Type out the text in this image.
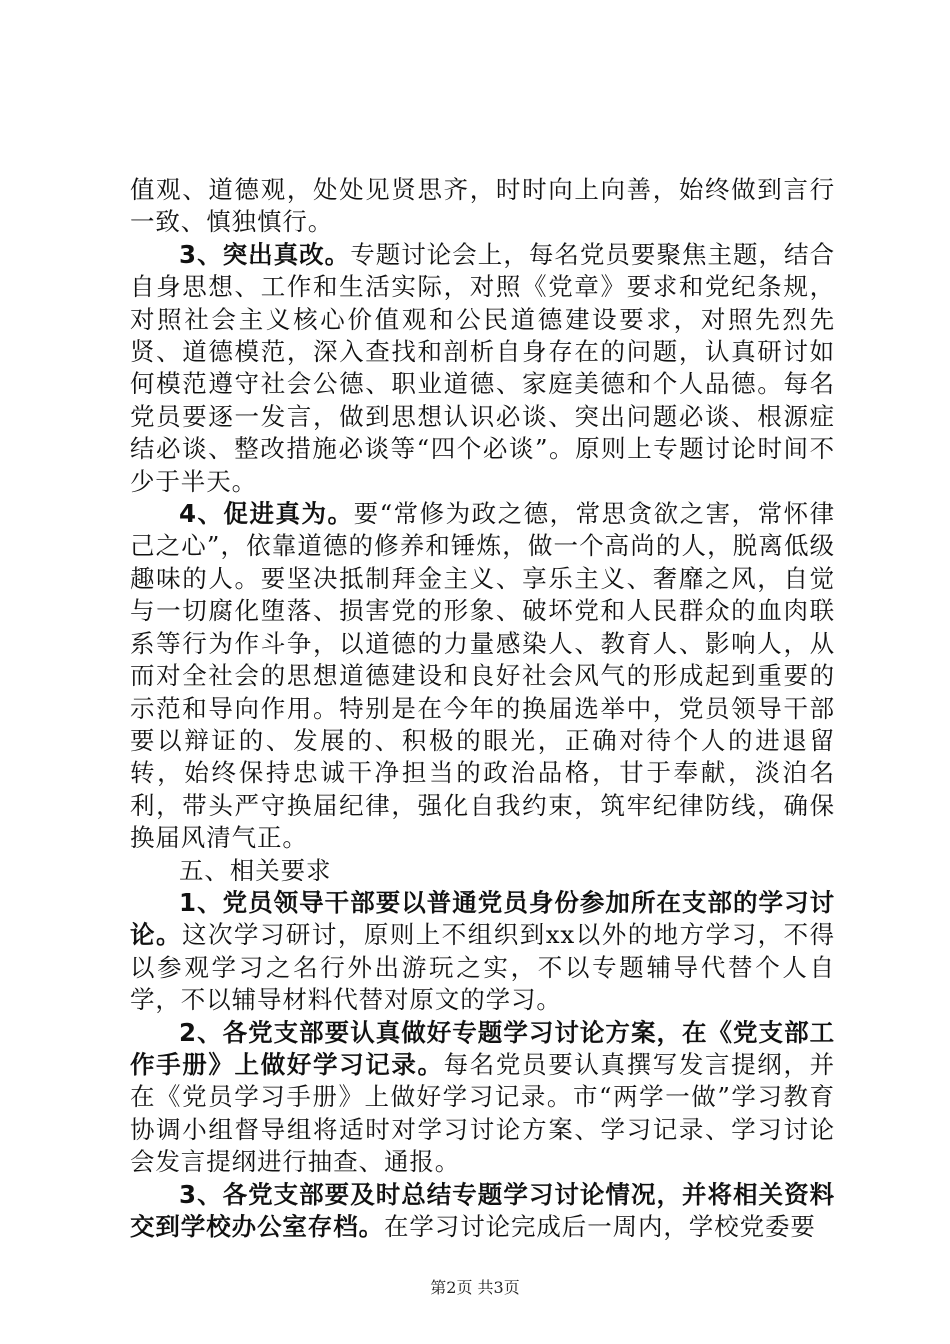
值观、道德观，处处见贤思齐，时时向上向善，始终做到言行一致、慎独慎行。

3、突出真改。专题讨论会上，每名党员要聚焦主题，结合自身思想、工作和生活实际，对照《党章》要求和党纪条规，对照社会主义核心价值观和公民道德建设要求，对照先烈先贤、道德模范，深入查找和剖析自身存在的问题，认真研讨如何模范遵守社会公德、职业道德、家庭美德和个人品德。每名党员要逐一发言，做到思想认识必谈、突出问题必谈、根源症结必谈、整改措施必谈等“四个必谈”。原则上专题讨论时间不少于半天。

4、促进真为。要“常修为政之德，常思贪欲之害，常怀律己之心”，依靠道德的修养和锤炼，做一个高尚的人，脱离低级趣味的人。要坚决抵制拜金主义、享乐主义、奢靡之风，自觉与一切腐化堕落、损害党的形象、破坏党和人民群众的血肉联系等行为作斗争，以道德的力量感染人、教育人、影响人，从而对全社会的思想道德建设和良好社会风气的形成起到重要的示范和导向作用。特别是在今年的换届选举中，党员领导干部要以辩证的、发展的、积极的眼光，正确对待个人的进退留转，始终保持忠诚干净担当的政治品格，甘于奉献，淡泊名利，带头严守换届纪律，强化自我约束，筑牢纪律防线，确保换届风清气正。

五、相关要求

1、党员领导干部要以普通党员身份参加所在支部的学习讨论。这次学习研讨，原则上不组织到xx以外的地方学习，不得以参观学习之名行外出游玩之实，不以专题辅导代替个人自学，不以辅导材料代替对原文的学习。

2、各党支部要认真做好专题学习讨论方案，在《党支部工作手册》上做好学习记录。每名党员要认真撰写发言提纲，并在《党员学习手册》上做好学习记录。市“两学一做”学习教育协调小组督导组将适时对学习讨论方案、学习记录、学习讨论会发言提纲进行抽查、通报。

3、各党支部要及时总结专题学习讨论情况，并将相关资料交到学校办公室存档。在学习讨论完成后一周内，学校党委要

第2页 共3页
